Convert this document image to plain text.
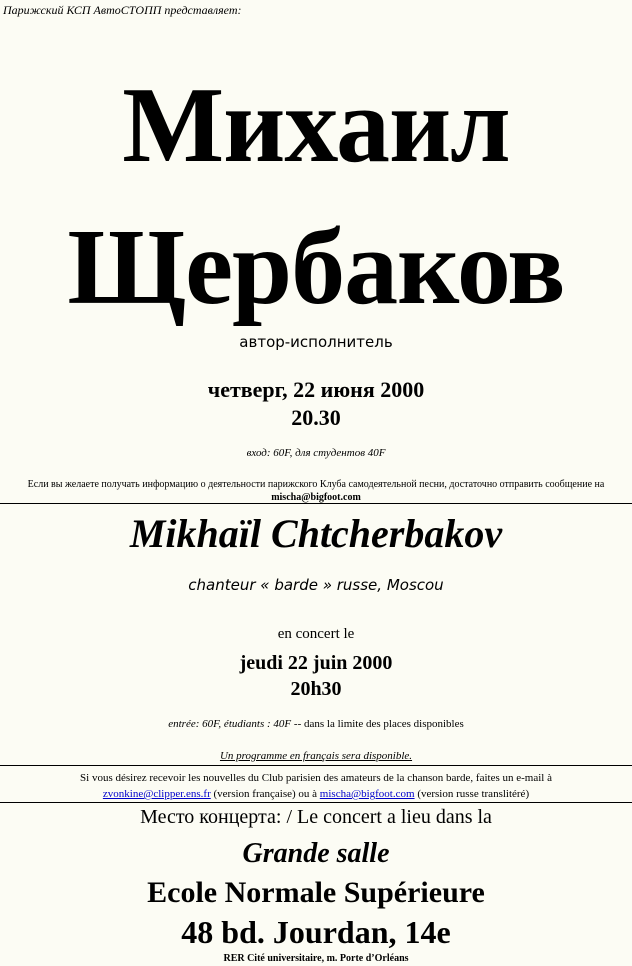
Парижский КСП АвтоСТОПП представляет:
Михаил
Щербаков
автор-исполнитель
четверг, 22 июня 2000
20.30
вход: 60F, для студентов 40F
Если вы желаете получать информацию о деятельности парижского Клуба самодеятельной песни, достаточно отправить сообщение на
mischa@bigfoot.com
Mikhaïl Chtcherbakov
chanteur « barde » russe, Moscou
en concert le
jeudi 22 juin 2000
20h30
entrée: 60F, étudiants : 40F -- dans la limite des places disponibles
Un programme en français sera disponible.
Si vous désirez recevoir les nouvelles du Club parisien des amateurs de la chanson barde, faites un e-mail à
zvonkine@clipper.ens.fr (version française) ou à mischa@bigfoot.com (version russe translitéré)
Место концерта: / Le concert a lieu dans la
Grande salle
Ecole Normale Supérieure
48 bd. Jourdan, 14e
RER Cité universitaire, m. Porte d’Orléans
